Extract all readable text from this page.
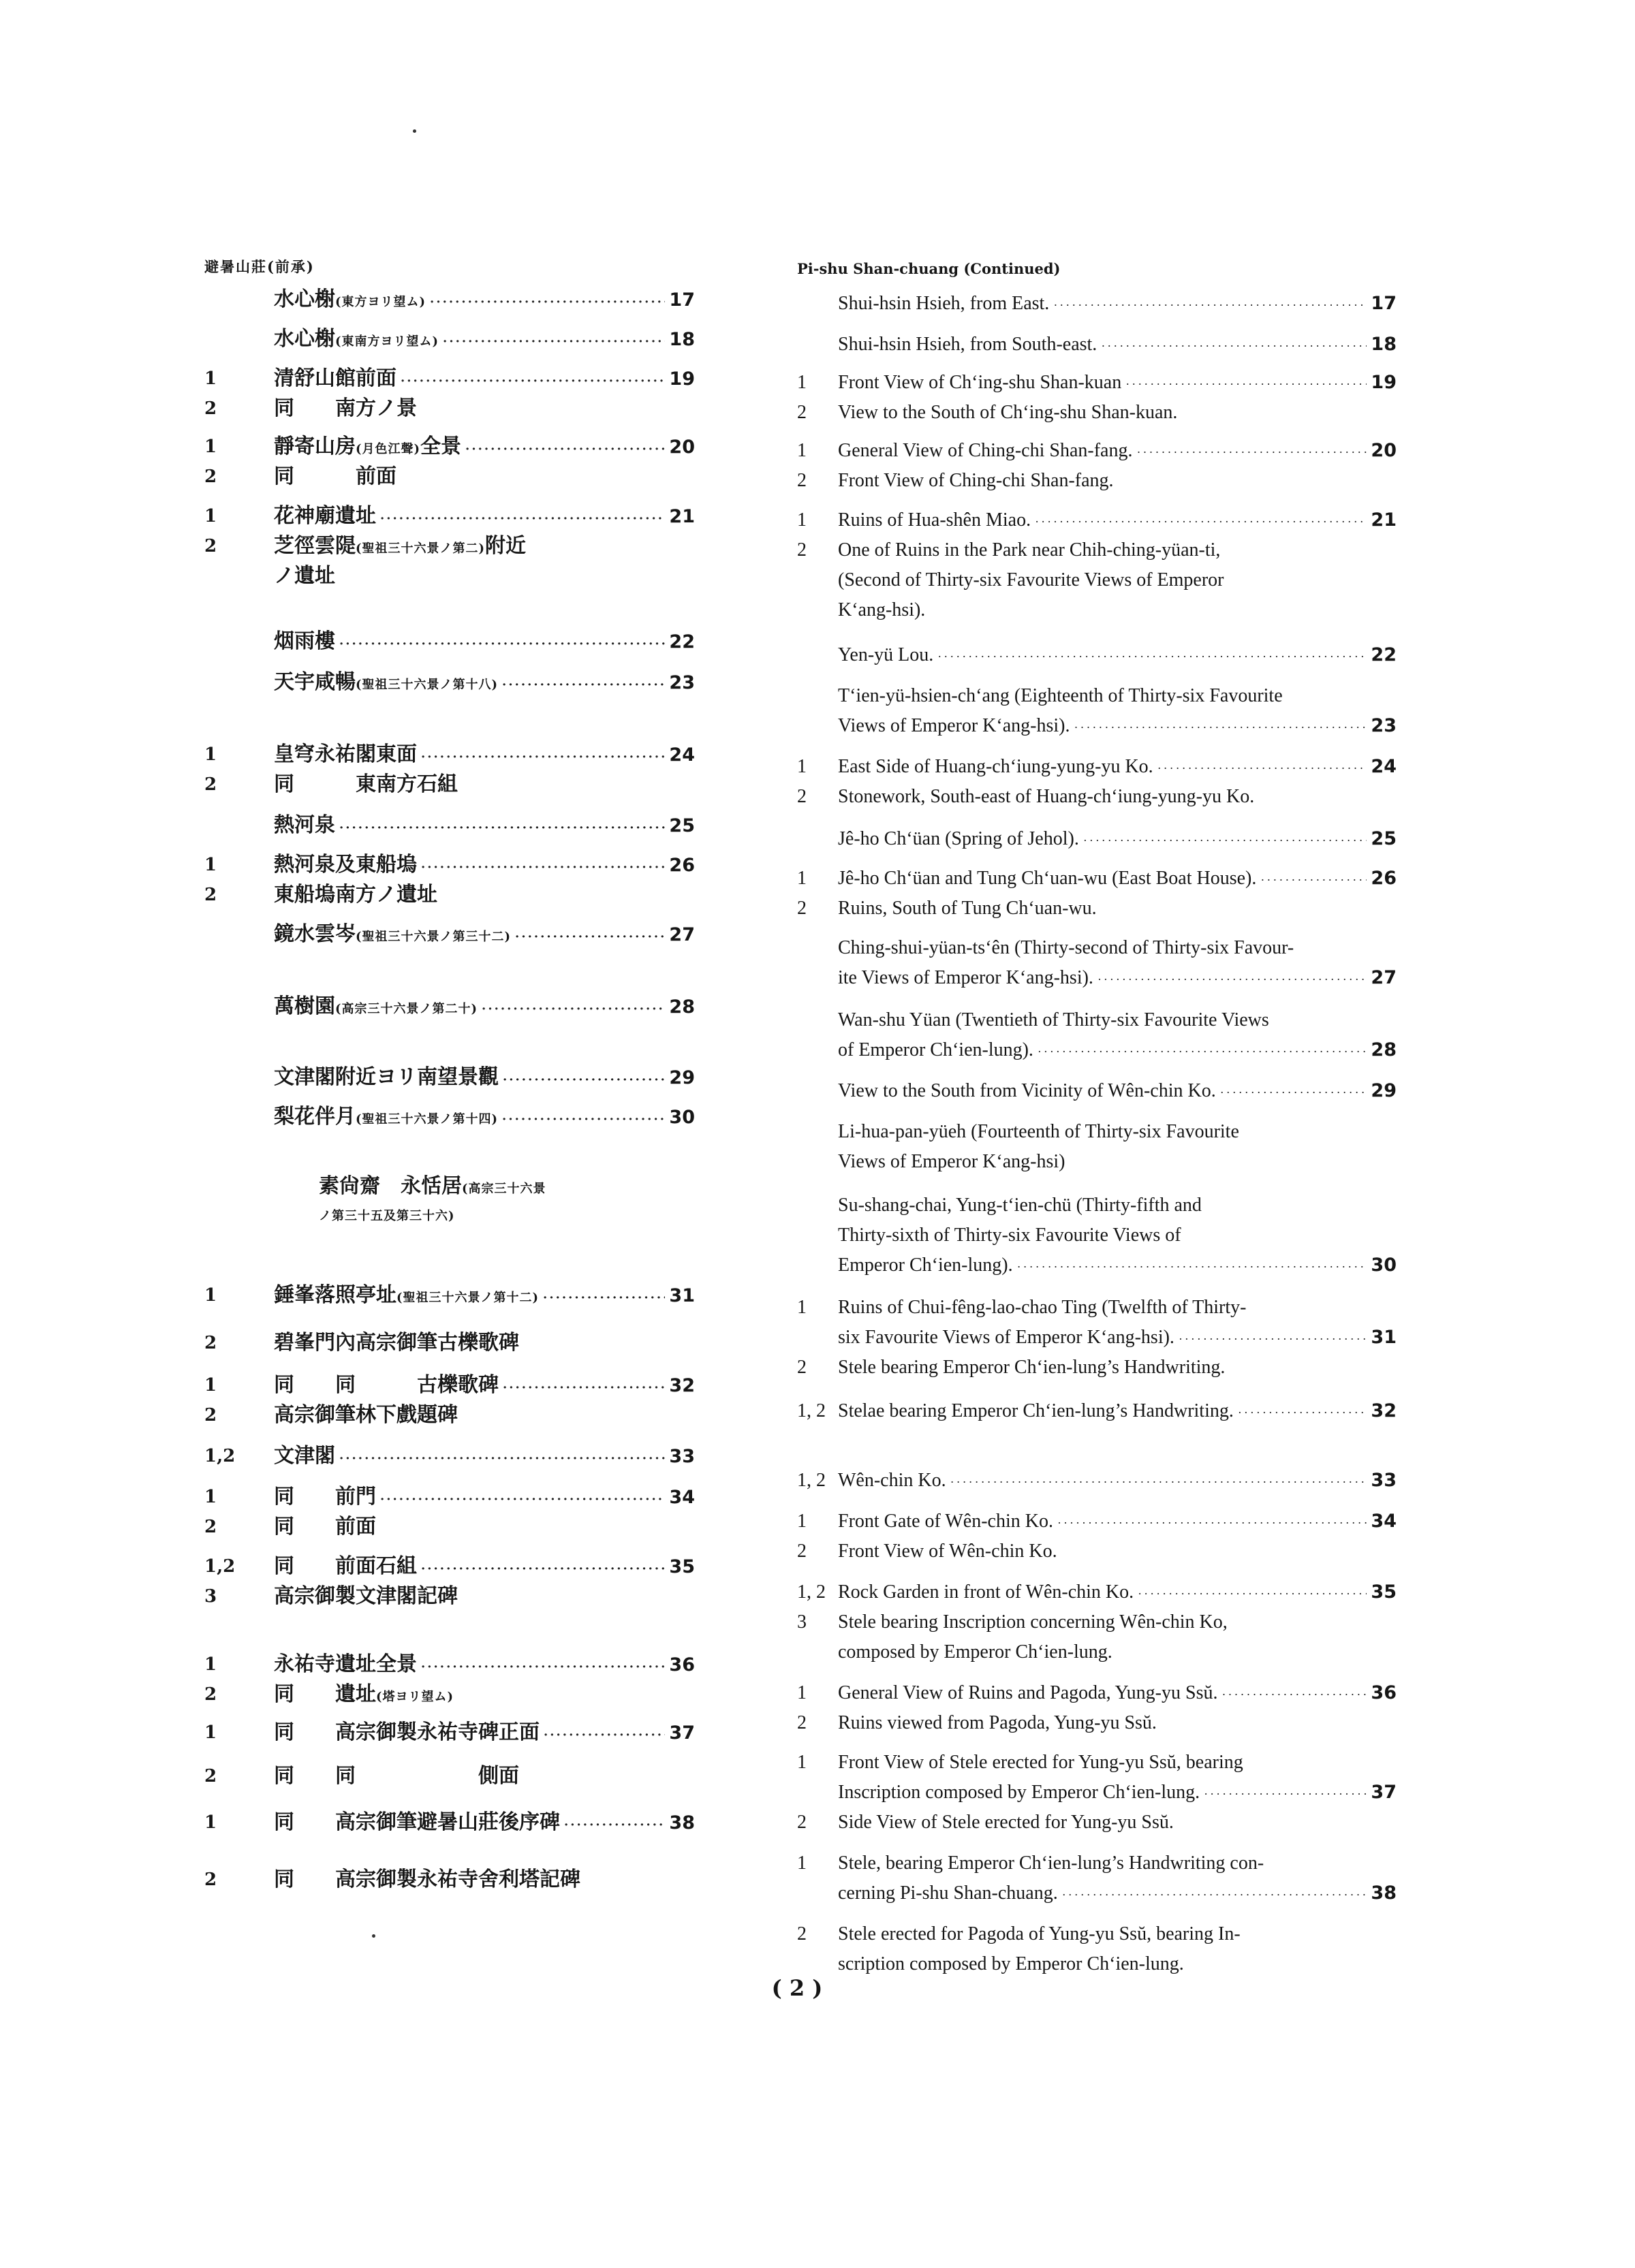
避暑山莊(前承)
水心榭 (東方ヨリ望ム) ·····	17
水心榭 (東南方ヨリ望ム) ·····	18
1	清舒山館前面 ·····	19
2	同　　南方ノ景
1	靜寄山房 (月色江聲) 全景 ·····	20
2	同　　　前面
1	花神廟遺址 ·····	21
2	芝徑雲隄 (聖祖三十六景ノ第二) 附近
ノ遺址
烟雨樓 ·····	22
天宇咸暢 (聖祖三十六景ノ第十八) ·····	23
1	皇穹永祐閣東面 ·····	24
2	同　　　東南方石組
熱河泉 ·····	25
1	熱河泉及東船塢 ·····	26
2	東船塢南方ノ遺址
鏡水雲岑 (聖祖三十六景ノ第三十二) ·····	27
萬樹園 (高宗三十六景ノ第二十) ·····	28
文津閣附近ヨリ南望景觀 ·····	29
梨花伴月 (聖祖三十六景ノ第十四) ·····	30
素尙齋　永恬居 (高宗三十六景
ノ第三十五及第三十六)
1	錘峯落照亭址 (聖祖三十六景ノ第十二) ·····	31
2	碧峯門內高宗御筆古櫟歌碑
1	同　　同　　　古櫟歌碑 ·····	32
2	高宗御筆林下戲題碑
1,2	文津閣 ·····	33
1	同　　前門 ·····	34
2	同　　前面
1,2	同　　前面石組 ·····	35
3	高宗御製文津閣記碑
1	永祐寺遺址全景 ·····	36
2	同　　遺址 (塔ヨリ望ム)
1	同　　高宗御製永祐寺碑正面 ·····	37
2	同　　同　　　　　　側面
1	同　　高宗御筆避暑山莊後序碑 ·····	38
2	同　　高宗御製永祐寺舍利塔記碑
Pi-shu Shan-chuang (Continued)
Shui-hsin Hsieh, from East. ·····	17
Shui-hsin Hsieh, from South-east. ·····	18
1	Front View of Ch‘ing-shu Shan-kuan ·····	19
2	View to the South of Ch‘ing-shu Shan-kuan.
1	General View of Ching-chi Shan-fang. ·····	20
2	Front View of Ching-chi Shan-fang.
1	Ruins of Hua-shên Miao. ·····	21
2	One of Ruins in the Park near Chih-ching-yüan-ti,
(Second of Thirty-six Favourite Views of Emperor
K‘ang-hsi).
Yen-yü Lou. ·····	22
T‘ien-yü-hsien-ch‘ang (Eighteenth of Thirty-six Favourite
Views of Emperor K‘ang-hsi). ·····	23
1	East Side of Huang-ch‘iung-yung-yu Ko. ·····	24
2	Stonework, South-east of Huang-ch‘iung-yung-yu Ko.
Jê-ho Ch‘üan (Spring of Jehol). ·····	25
1	Jê-ho Ch‘üan and Tung Ch‘uan-wu (East Boat House). ·····	26
2	Ruins, South of Tung Ch‘uan-wu.
Ching-shui-yüan-ts‘ên (Thirty-second of Thirty-six Favour-
ite Views of Emperor K‘ang-hsi). ·····	27
Wan-shu Yüan (Twentieth of Thirty-six Favourite Views
of Emperor Ch‘ien-lung). ·····	28
View to the South from Vicinity of Wên-chin Ko. ·····	29
Li-hua-pan-yüeh (Fourteenth of Thirty-six Favourite
Views of Emperor K‘ang-hsi)
Su-shang-chai, Yung-t‘ien-chü (Thirty-fifth and
Thirty-sixth of Thirty-six Favourite Views of
Emperor Ch‘ien-lung). ·····	30
1	Ruins of Chui-fêng-lao-chao Ting (Twelfth of Thirty-
six Favourite Views of Emperor K‘ang-hsi). ·····	31
2	Stele bearing Emperor Ch‘ien-lung’s Handwriting.
1, 2 Stelae bearing Emperor Ch‘ien-lung’s Handwriting. ·····	32
1, 2 Wên-chin Ko. ·····	33
1	Front Gate of Wên-chin Ko. ·····	34
2	Front View of Wên-chin Ko.
1, 2 Rock Garden in front of Wên-chin Ko. ·····	35
3	Stele bearing Inscription concerning Wên-chin Ko,
composed by Emperor Ch‘ien-lung.
1	General View of Ruins and Pagoda, Yung-yu Ssŭ. ·····	36
2	Ruins viewed from Pagoda, Yung-yu Ssŭ.
1	Front View of Stele erected for Yung-yu Ssŭ, bearing
Inscription composed by Emperor Ch‘ien-lung. ·····	37
2	Side View of Stele erected for Yung-yu Ssŭ.
1	Stele, bearing Emperor Ch‘ien-lung’s Handwriting con-
cerning Pi-shu Shan-chuang. ·····	38
2	Stele erected for Pagoda of Yung-yu Ssŭ, bearing In-
scription composed by Emperor Ch‘ien-lung.
( 2 )
